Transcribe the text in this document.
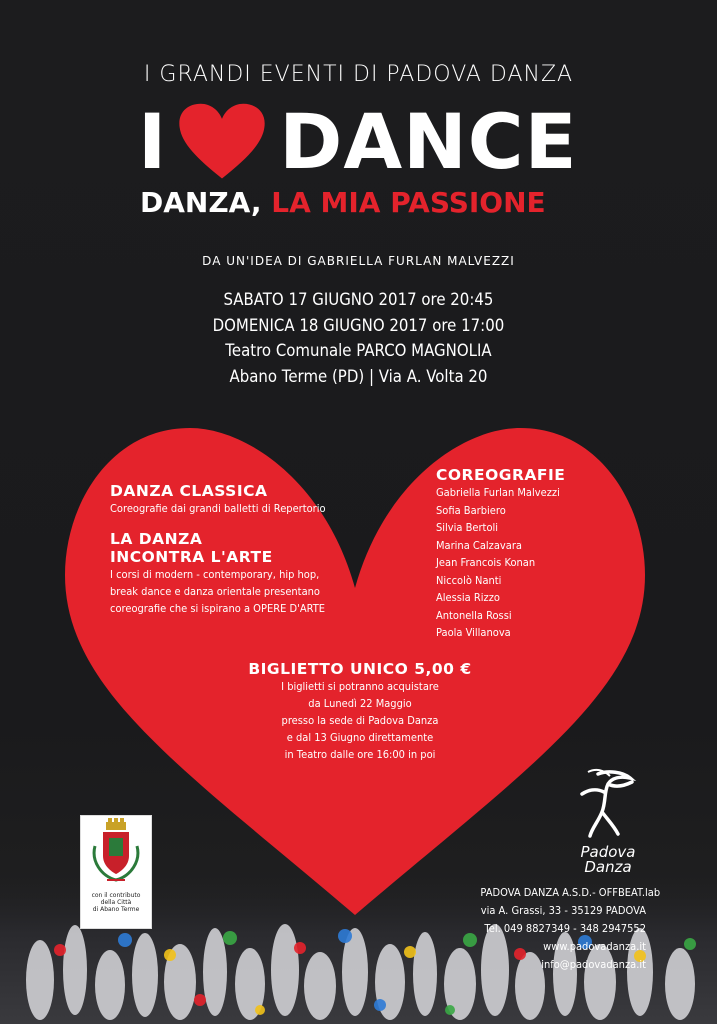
I GRANDI EVENTI DI PADOVA DANZA
I DANCE
DANZA, LA MIA PASSIONE
DA UN'IDEA DI GABRIELLA FURLAN MALVEZZI
SABATO 17 GIUGNO 2017 ore 20:45
DOMENICA 18 GIUGNO 2017 ore 17:00
Teatro Comunale PARCO MAGNOLIA
Abano Terme (PD) | Via A. Volta 20
DANZA CLASSICA
Coreografie dai grandi balletti di Repertorio
LA DANZA
INCONTRA L'ARTE
I corsi di modern - contemporary, hip hop,
break dance e danza orientale presentano
coreografie che si ispirano a OPERE D'ARTE
COREOGRAFIE
Gabriella Furlan Malvezzi
Sofia Barbiero
Silvia Bertoli
Marina Calzavara
Jean Francois Konan
Niccolò Nanti
Alessia Rizzo
Antonella Rossi
Paola Villanova
BIGLIETTO UNICO 5,00 €
I biglietti si potranno acquistare
da Lunedì 22 Maggio
presso la sede di Padova Danza
e dal 13 Giugno direttamente
in Teatro dalle ore 16:00 in poi
con il contributo
della Città
di Abano Terme
Padova
Danza
PADOVA DANZA A.S.D.- OFFBEAT.lab
via A. Grassi, 33 - 35129 PADOVA
Tel. 049 8827349 - 348 2947552
www.padovadanza.it
info@padovadanza.it
